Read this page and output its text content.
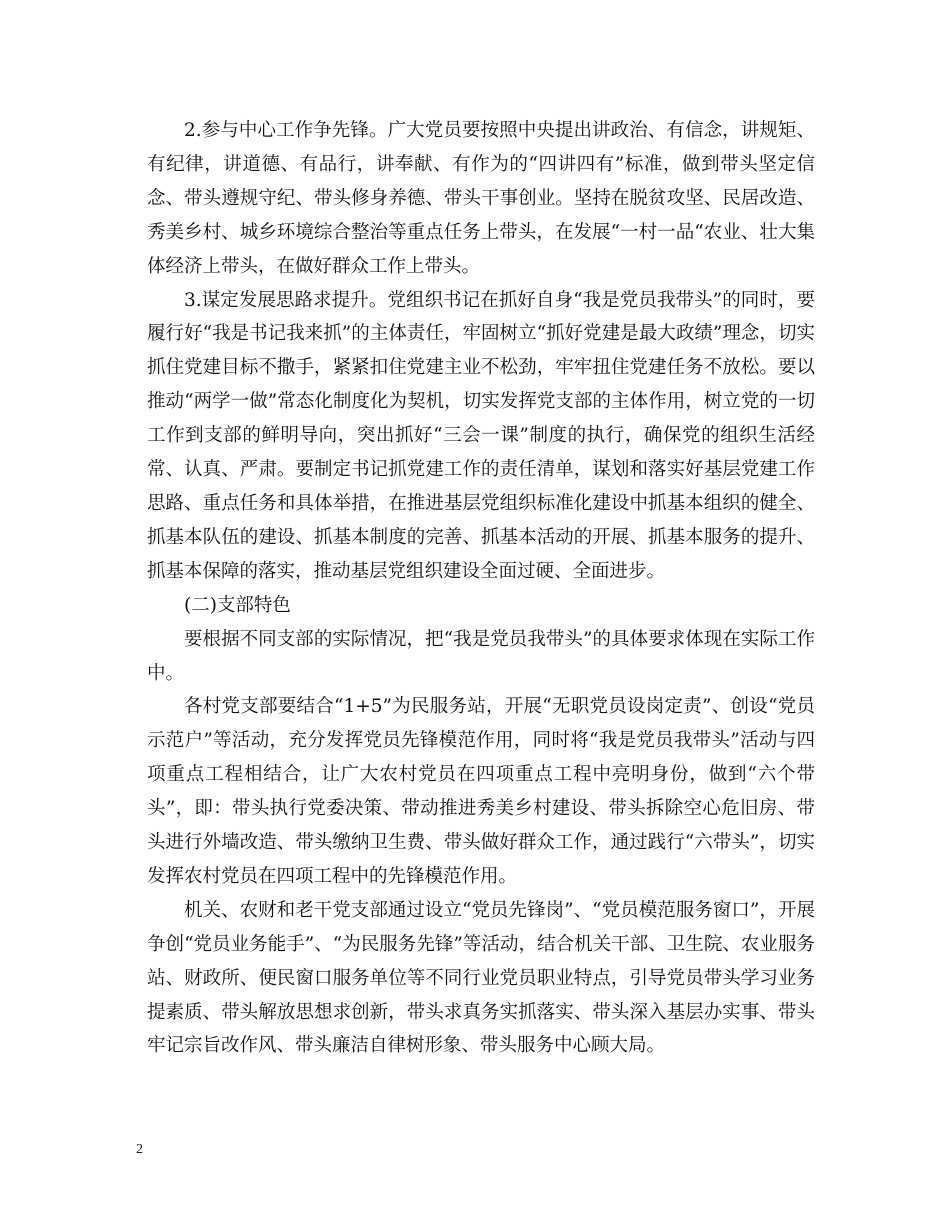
2.参与中心工作争先锋。广大党员要按照中央提出讲政治、有信念，讲规矩、有纪律，讲道德、有品行，讲奉献、有作为的“四讲四有”标准，做到带头坚定信念、带头遵规守纪、带头修身养德、带头干事创业。坚持在脱贫攻坚、民居改造、秀美乡村、城乡环境综合整治等重点任务上带头，在发展“一村一品“农业、壮大集体经济上带头，在做好群众工作上带头。

3.谋定发展思路求提升。党组织书记在抓好自身“我是党员我带头”的同时，要履行好“我是书记我来抓”的主体责任，牢固树立“抓好党建是最大政绩”理念，切实抓住党建目标不撒手，紧紧扣住党建主业不松劲，牢牢扭住党建任务不放松。要以推动“两学一做”常态化制度化为契机，切实发挥党支部的主体作用，树立党的一切工作到支部的鲜明导向，突出抓好“三会一课”制度的执行，确保党的组织生活经常、认真、严肃。要制定书记抓党建工作的责任清单，谋划和落实好基层党建工作思路、重点任务和具体举措，在推进基层党组织标准化建设中抓基本组织的健全、抓基本队伍的建设、抓基本制度的完善、抓基本活动的开展、抓基本服务的提升、抓基本保障的落实，推动基层党组织建设全面过硬、全面进步。

(二)支部特色

要根据不同支部的实际情况，把“我是党员我带头”的具体要求体现在实际工作中。

各村党支部要结合“1+5”为民服务站，开展“无职党员设岗定责”、创设“党员示范户”等活动，充分发挥党员先锋模范作用，同时将“我是党员我带头”活动与四项重点工程相结合，让广大农村党员在四项重点工程中亮明身份，做到“六个带头”，即：带头执行党委决策、带动推进秀美乡村建设、带头拆除空心危旧房、带头进行外墙改造、带头缴纳卫生费、带头做好群众工作，通过践行“六带头”，切实发挥农村党员在四项工程中的先锋模范作用。

机关、农财和老干党支部通过设立“党员先锋岗”、“党员模范服务窗口”，开展争创“党员业务能手”、“为民服务先锋”等活动，结合机关干部、卫生院、农业服务站、财政所、便民窗口服务单位等不同行业党员职业特点，引导党员带头学习业务提素质、带头解放思想求创新，带头求真务实抓落实、带头深入基层办实事、带头牢记宗旨改作风、带头廉洁自律树形象、带头服务中心顾大局。

2
